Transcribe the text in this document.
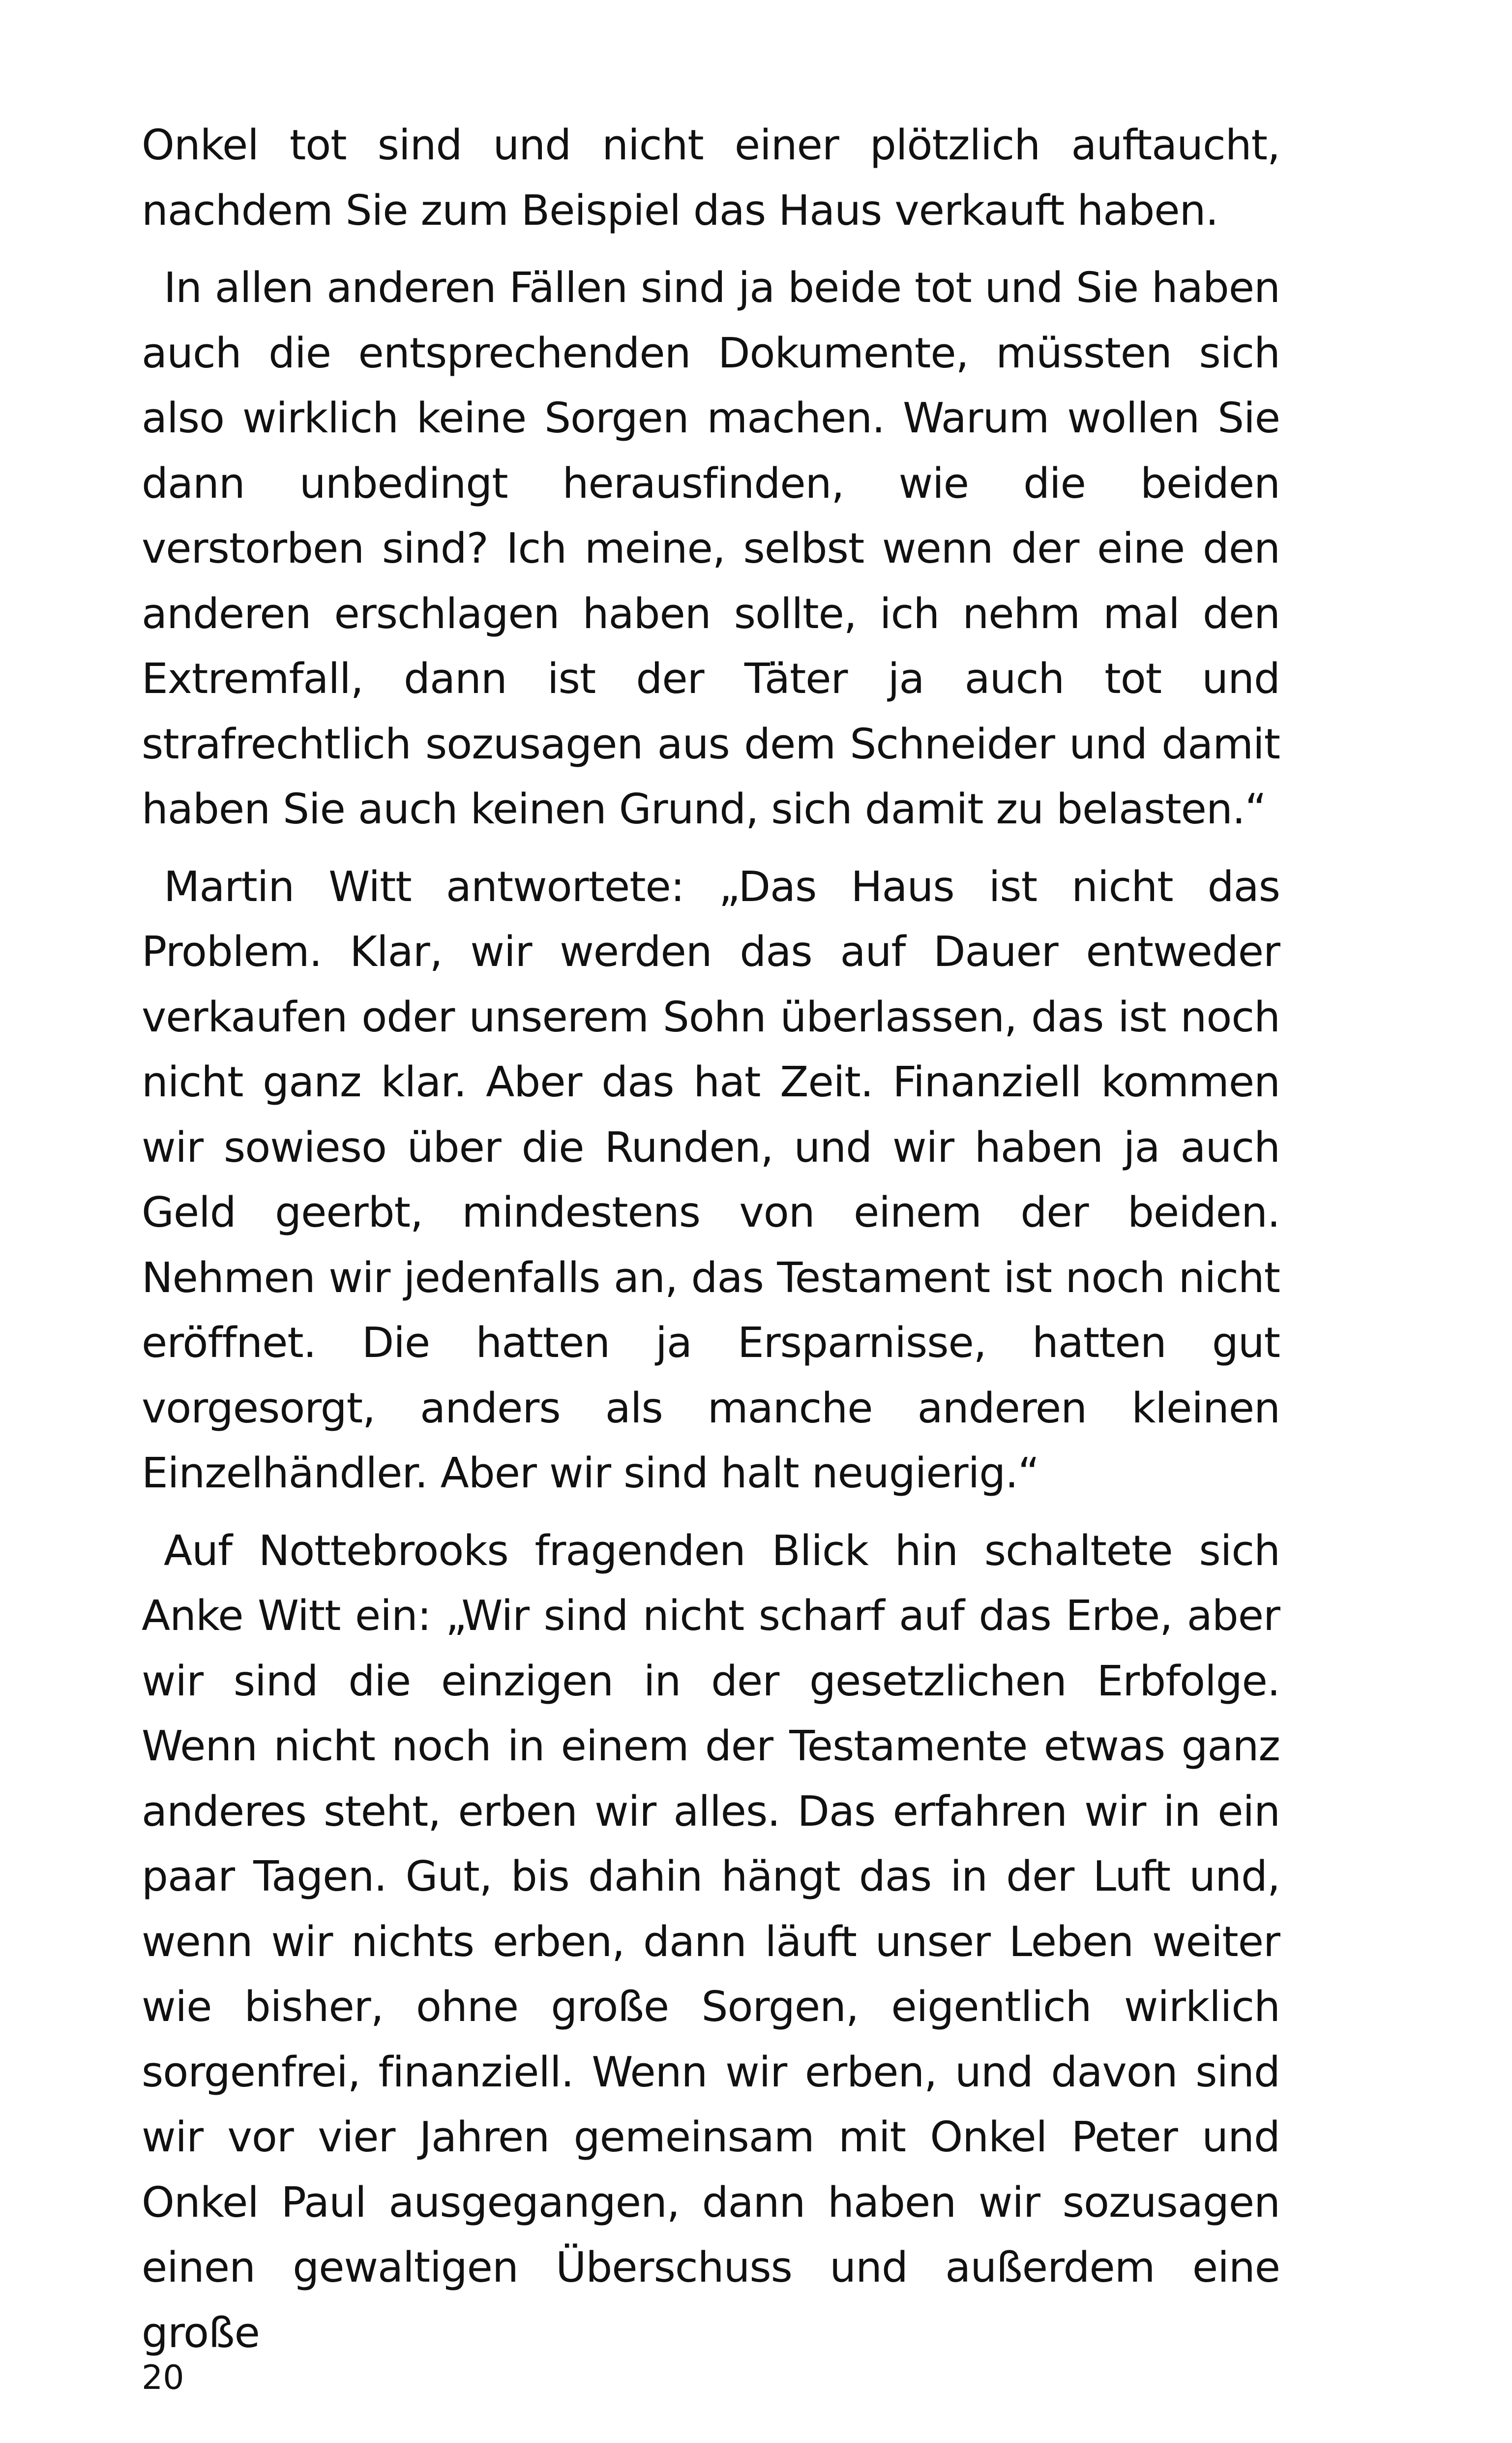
Onkel tot sind und nicht einer plötzlich auftaucht, nachdem Sie zum Beispiel das Haus verkauft haben.

In allen anderen Fällen sind ja beide tot und Sie haben auch die entsprechenden Dokumente, müssten sich also wirklich keine Sorgen machen. Warum wollen Sie dann unbedingt herausfinden, wie die beiden verstorben sind? Ich meine, selbst wenn der eine den anderen erschlagen haben sollte, ich nehm mal den Extremfall, dann ist der Täter ja auch tot und strafrechtlich sozusagen aus dem Schneider und damit haben Sie auch keinen Grund, sich damit zu belasten.“

Martin Witt antwortete: „Das Haus ist nicht das Problem. Klar, wir werden das auf Dauer entweder verkaufen oder unserem Sohn überlassen, das ist noch nicht ganz klar. Aber das hat Zeit. Finanziell kommen wir sowieso über die Runden, und wir haben ja auch Geld geerbt, mindestens von einem der beiden. Nehmen wir jedenfalls an, das Testament ist noch nicht eröffnet. Die hatten ja Ersparnisse, hatten gut vorgesorgt, anders als manche anderen kleinen Einzelhändler. Aber wir sind halt neugierig.“

Auf Nottebrooks fragenden Blick hin schaltete sich Anke Witt ein: „Wir sind nicht scharf auf das Erbe, aber wir sind die einzigen in der gesetzlichen Erbfolge. Wenn nicht noch in einem der Testamente etwas ganz anderes steht, erben wir alles. Das erfahren wir in ein paar Tagen. Gut, bis dahin hängt das in der Luft und, wenn wir nichts erben, dann läuft unser Leben weiter wie bisher, ohne große Sorgen, eigentlich wirklich sorgenfrei, finanziell. Wenn wir erben, und davon sind wir vor vier Jahren gemeinsam mit Onkel Peter und Onkel Paul ausgegangen, dann haben wir sozusagen einen gewaltigen Überschuss und außerdem eine große

20
